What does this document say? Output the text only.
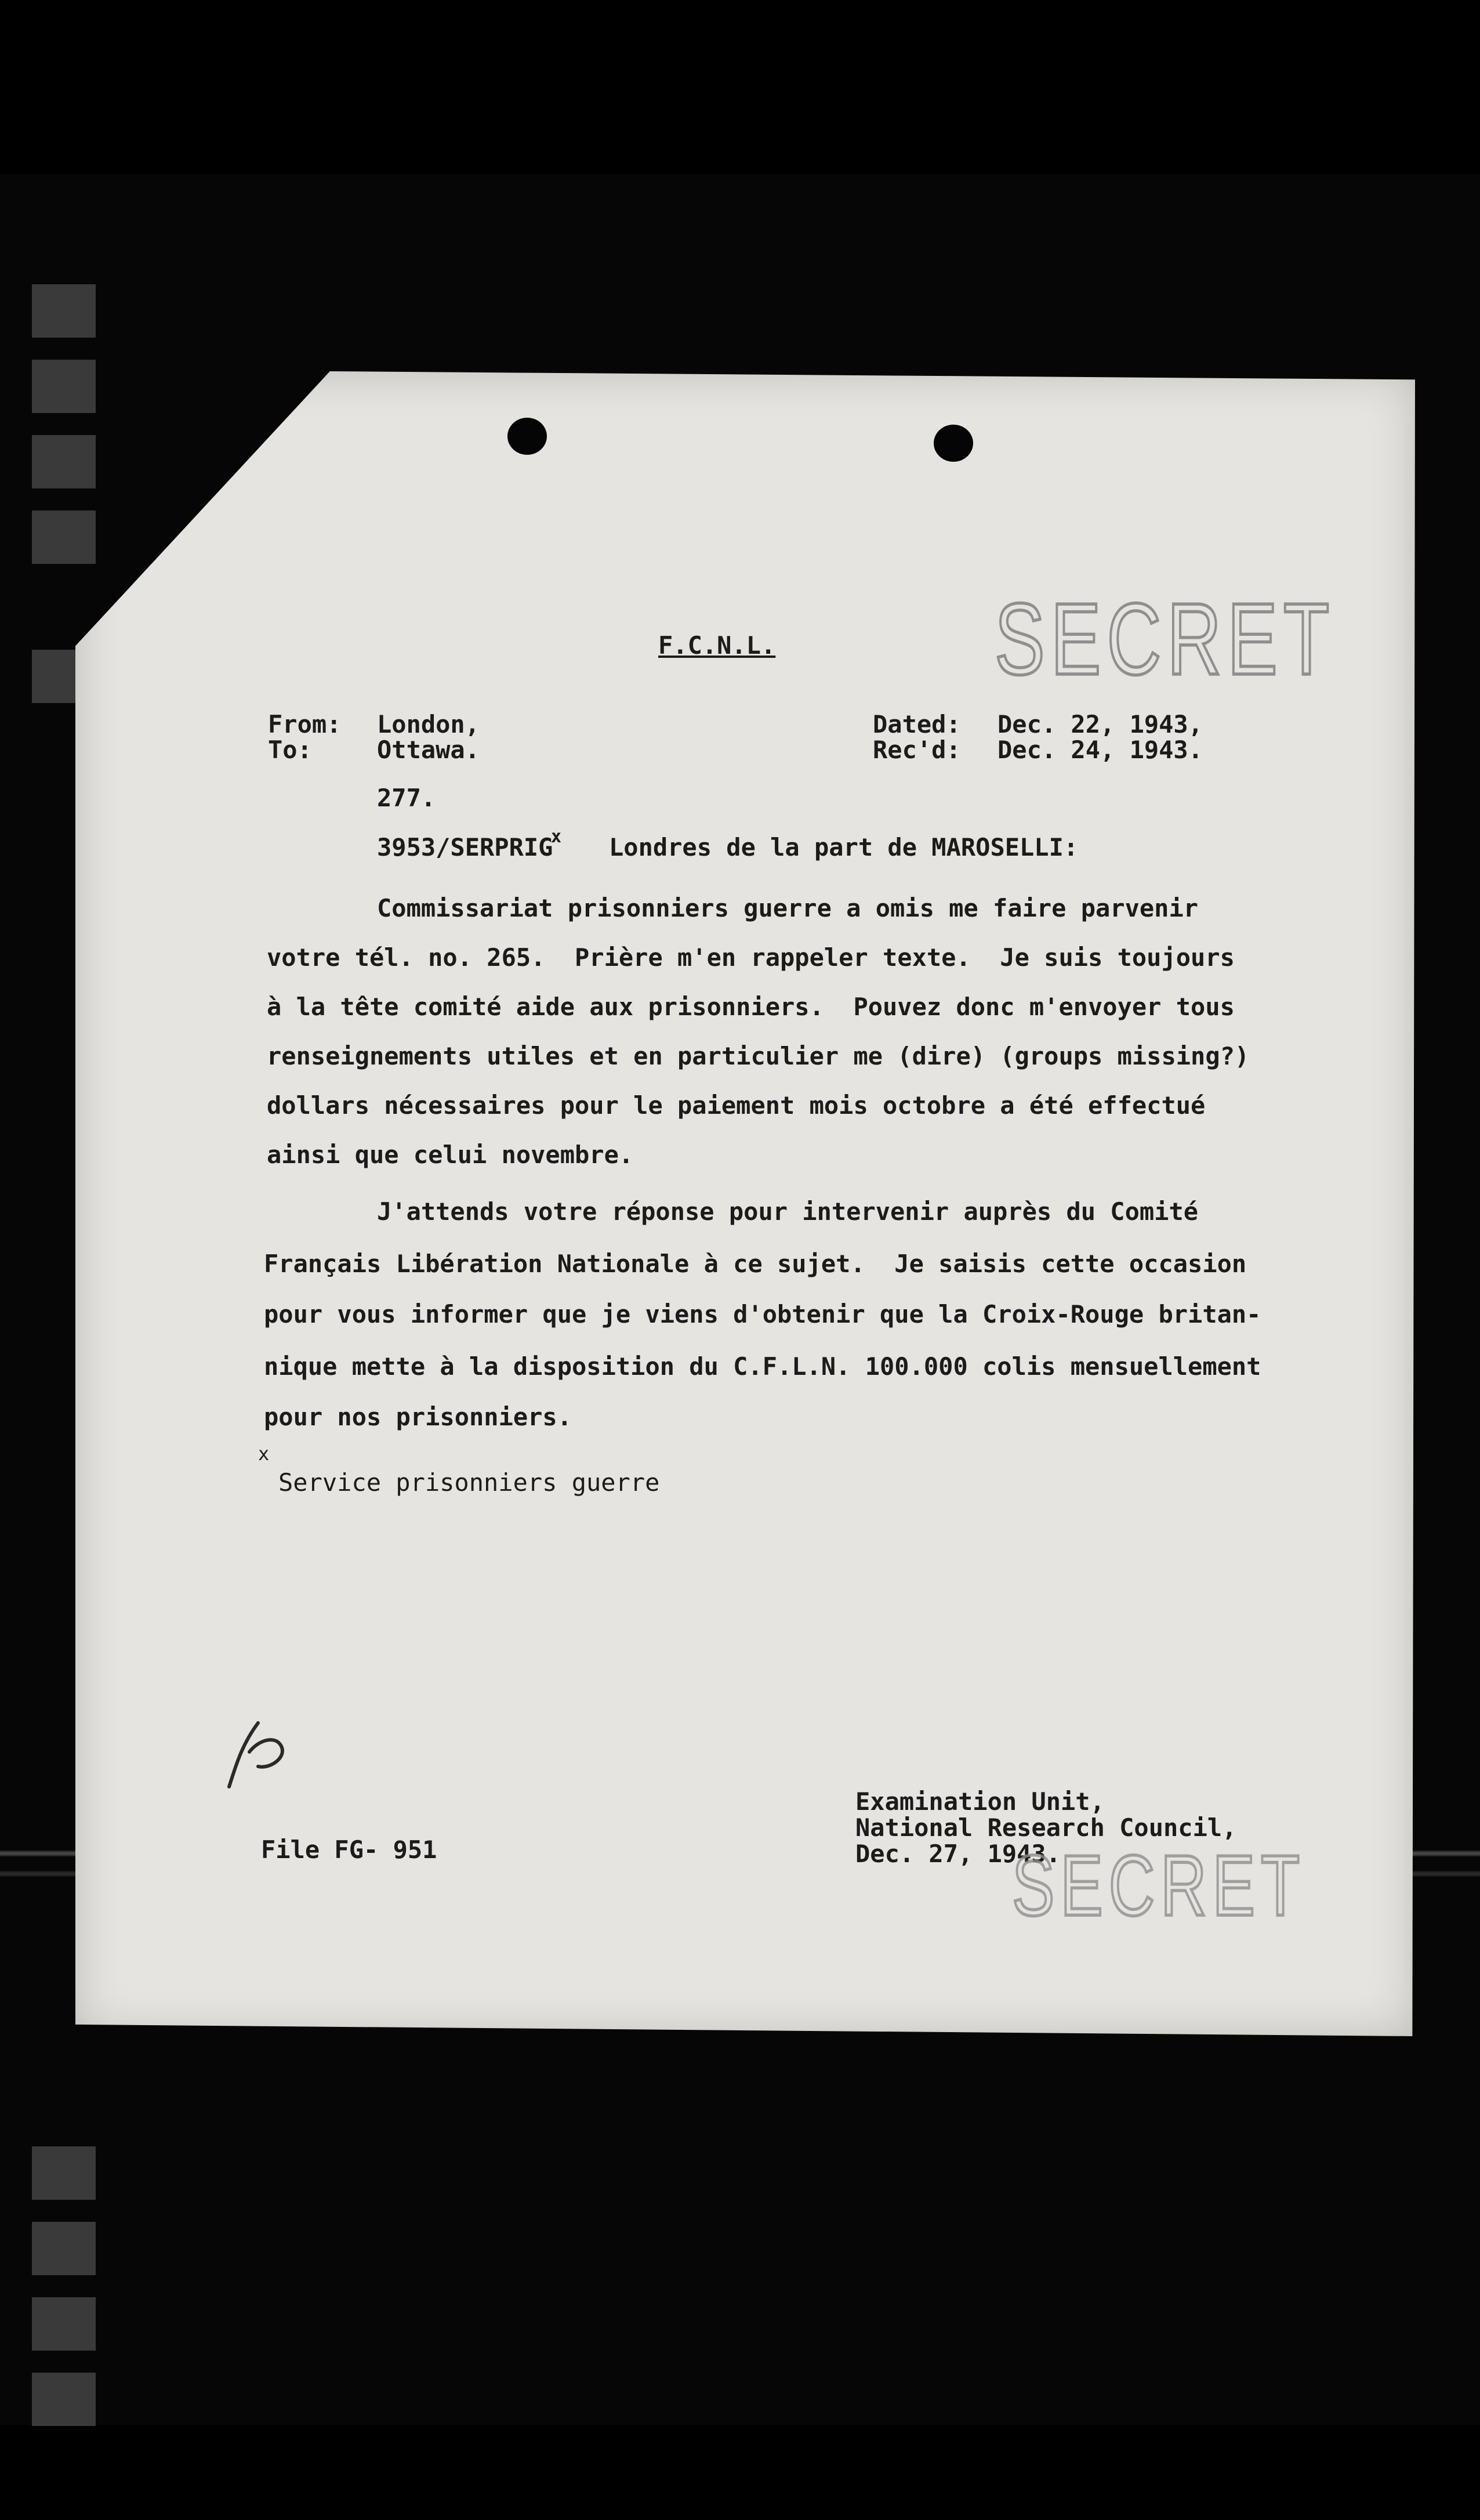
F.C.N.L.	SECRET
From: London,
To:	Ottawa.
Dated: Dec. 22, 1943,
Rec'd: Dec. 24, 1943.
277.
3953/SERPRIG
x Londres de la part de MAROSELLI:
Commissariat prisonniers guerre a omis me faire parvenir
votre tél. no. 265.  Prière m'en rappeler texte.  Je suis toujours
à la tête comité aide aux prisonniers.  Pouvez donc m'envoyer tous
renseignements utiles et en particulier me (dire) (groups missing?)
dollars nécessaires pour le paiement mois octobre a été effectué
ainsi que celui novembre.
J'attends votre réponse pour intervenir auprès du Comité
Français Libération Nationale à ce sujet.  Je saisis cette occasion
pour vous informer que je viens d'obtenir que la Croix-Rouge britan-
nique mette à la disposition du C.F.L.N. 100.000 colis mensuellement
pour nos prisonniers.
x
Service prisonniers guerre
File FG- 951
Examination Unit,
National Research Council,
Dec. 27, 1943.
SECRET
